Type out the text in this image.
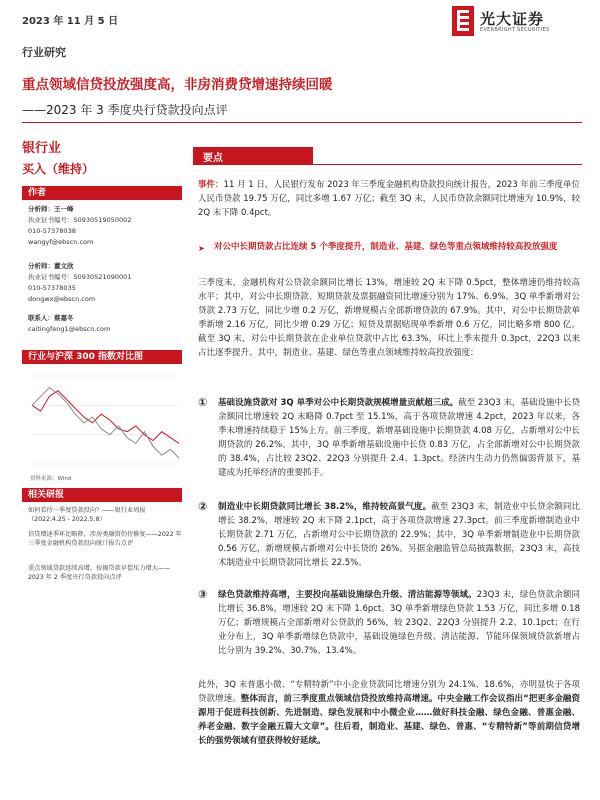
2023 年 11 月 5 日	光大证券
EVERBRIGHT SECURITIES
行业研究
重点领域信贷投放强度高，非房消费贷增速持续回暖
——2023 年 3 季度央行贷款投向点评
银行业
买入（维持）
作者
分析师：王一峰
执业证书编号：S0930519050002
010-57378038
wangyf@ebscn.com
分析师：董文欣
执业证书编号：S0930521090001
010-57378035
dongwx@ebscn.com
联系人：蔡嘉冬
caitingfeng1@ebscn.com
行业与沪深 300 指数对比图
资料来源：Wind
相关研报
如何看待一季度贷款投向？——银行业周报（2022.4.25 - 2022.5.8）
信贷增速季环比略降，涉房类融资仍待修复——2022 年三季度金融机构贷款投向统计报告点评
重点领域贷款延续高增，按揭贷款早偿压力增大——2023 年 2 季度央行贷款投向点评
要点
事件：11 月 1 日，人民银行发布 2023 年三季度金融机构贷款投向统计报告，2023 年前三季度单位人民币贷款 19.75 万亿，同比多增 1.67 万亿；截至 3Q 末，人民币贷款余额同比增速为 10.9%，较 2Q 末下降 0.4pct。
➤ 对公中长期贷款占比连续 5 个季度提升，制造业、基建、绿色等重点领域维持较高投放强度
三季度末，金融机构对公贷款余额同比增长 13%，增速较 2Q 末下降 0.5pct，整体增速仍维持较高水平；其中，对公中长期贷款、短期贷款及票据融资同比增速分别为 17%、6.9%。3Q 单季新增对公贷款 2.73 万亿，同比少增 0.2 万亿，新增规模占全部新增贷款的 67.9%。其中，对公中长期贷款单季新增 2.16 万亿，同比少增 0.29 万亿；短贷及票据贴现单季新增 0.6 万亿，同比略多增 800 亿。截至 3Q 末，对公中长期贷款在企业单位贷款中占比 63.3%，环比上季末提升 0.3pct，22Q3 以来占比逐季提升。其中，制造业、基建、绿色等重点领域维持较高投放强度：
① 基础设施贷款对 3Q 单季对公中长期贷款规模增量贡献超三成。截至 23Q3 末，基础设施中长贷余额同比增速较 2Q 末略降 0.7pct 至 15.1%，高于各项贷款增速 4.2pct，2023 年以来，各季末增速持续稳于 15%上方。前三季度，新增基础设施中长期贷款 4.08 万亿，占新增对公中长期贷款的 26.2%。其中，3Q 单季新增基础设施中长贷 0.83 万亿，占全部新增对公中长期贷款的 38.4%，占比较 23Q2、22Q3 分别提升 2.4、1.3pct。经济内生动力仍然偏弱背景下，基建成为托举经济的重要抓手。
② 制造业中长期贷款同比增长 38.2%，维持较高景气度。截至 23Q3 末，制造业中长贷余额同比增长 38.2%，增速较 2Q 末下降 2.1pct，高于各项贷款增速 27.3pct。前三季度新增制造业中长期贷款 2.71 万亿，占新增对公中长期贷款的 22.9%；其中，3Q 单季新增制造业中长期贷款 0.56 万亿，新增规模占新增对公中长贷的 26%。另据金融监管总局披露数据，23Q3 末，高技术制造业中长期贷款同比增长 22.5%。
③ 绿色贷款维持高增，主要投向基础设施绿色升级、清洁能源等领域。23Q3 末，绿色贷款余额同比增长 36.8%，增速较 2Q 末下降 1.6pct。3Q 单季新增绿色贷款 1.53 万亿，同比多增 0.18 万亿；新增规模占全部新增对公贷款的 56%，较 23Q2、22Q3 分别提升 2.2、10.1pct；在行业分布上，3Q 单季新增绿色贷款中，基础设施绿色升级、清洁能源、节能环保领域贷款新增占比分别为 39.2%、30.7%、13.4%。
此外，3Q 末普惠小微、“专精特新”中小企业贷款同比增速分别为 24.1%、18.6%，亦明显快于各项贷款增速。整体而言，前三季度重点领域信贷投放维持高增速。中央金融工作会议指出“把更多金融资源用于促进科技创新、先进制造、绿色发展和中小微企业……做好科技金融、绿色金融、普惠金融、养老金融、数字金融五篇大文章”。往后看，制造业、基建、绿色、普惠、“专精特新”等前期信贷增长的强势领域有望获得较好延续。
